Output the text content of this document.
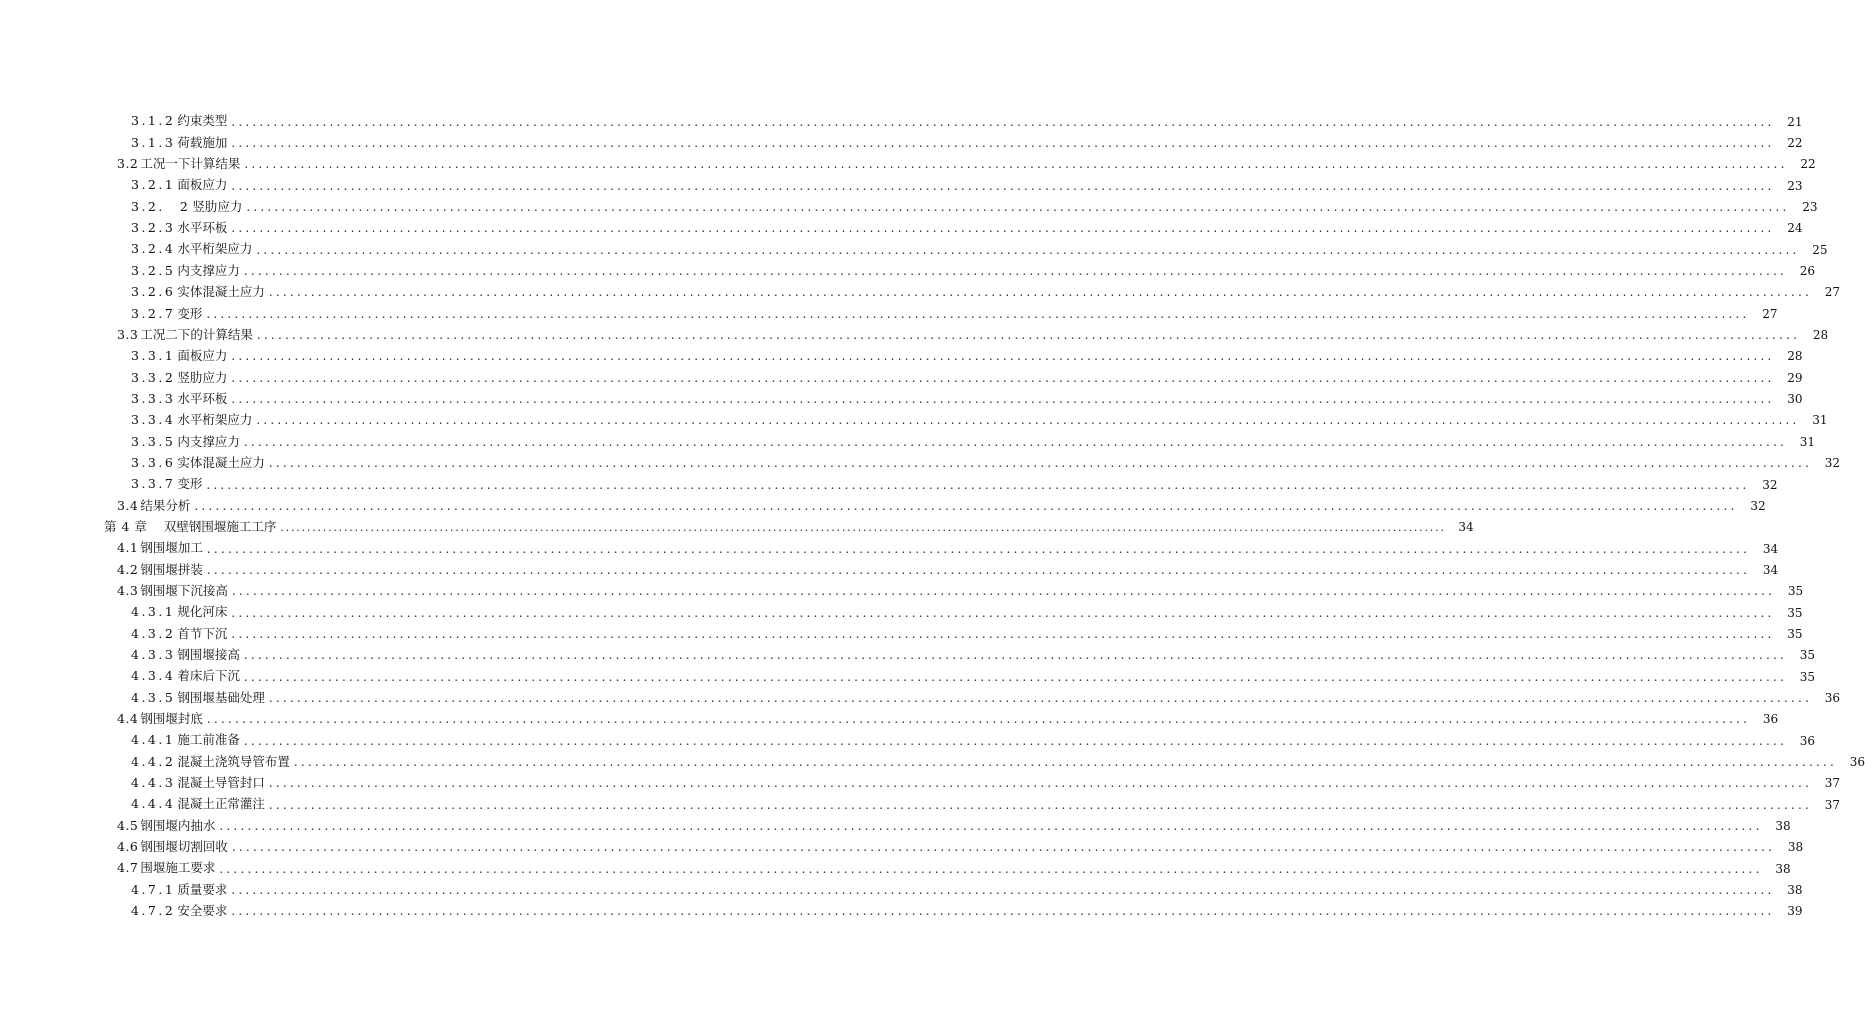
3.1.2 约束类型 ............................................................................................................................................................................................................................	21
3.1.3 荷载施加 ............................................................................................................................................................................................................................	22
3.2 工况一下计算结果 ............................................................................................................................................................................................................................	22
3.2.1 面板应力 ............................................................................................................................................................................................................................	23
3.2.　2 竖肋应力 ............................................................................................................................................................................................................................	23
3.2.3 水平环板 ............................................................................................................................................................................................................................	24
3.2.4 水平桁架应力 ............................................................................................................................................................................................................................	25
3.2.5 内支撑应力 ............................................................................................................................................................................................................................	26
3.2.6 实体混凝土应力 ............................................................................................................................................................................................................................	27
3.2.7 变形 ............................................................................................................................................................................................................................	27
3.3 工况二下的计算结果 ............................................................................................................................................................................................................................	28
3.3.1 面板应力 ............................................................................................................................................................................................................................	28
3.3.2 竖肋应力 ............................................................................................................................................................................................................................	29
3.3.3 水平环板 ............................................................................................................................................................................................................................	30
3.3.4 水平桁架应力 ............................................................................................................................................................................................................................	31
3.3.5 内支撑应力 ............................................................................................................................................................................................................................	31
3.3.6 实体混凝土应力 ............................................................................................................................................................................................................................	32
3.3.7 变形 ............................................................................................................................................................................................................................	32
3.4 结果分析 ............................................................................................................................................................................................................................	32
第 4 章　双壁钢围堰施工工序 ............................................................................................................................................................................................................................	34
4.1 钢围堰加工 ............................................................................................................................................................................................................................	34
4.2 钢围堰拼装 ............................................................................................................................................................................................................................	34
4.3 钢围堰下沉接高 ............................................................................................................................................................................................................................	35
4.3.1 规化河床 ............................................................................................................................................................................................................................	35
4.3.2 首节下沉 ............................................................................................................................................................................................................................	35
4.3.3 钢围堰接高 ............................................................................................................................................................................................................................	35
4.3.4 着床后下沉 ............................................................................................................................................................................................................................	35
4.3.5 钢围堰基础处理 ............................................................................................................................................................................................................................	36
4.4 钢围堰封底 ............................................................................................................................................................................................................................	36
4.4.1 施工前准备 ............................................................................................................................................................................................................................	36
4.4.2 混凝土浇筑导管布置 ............................................................................................................................................................................................................................	36
4.4.3 混凝土导管封口 ............................................................................................................................................................................................................................	37
4.4.4 混凝土正常灌注 ............................................................................................................................................................................................................................	37
4.5 钢围堰内抽水 ............................................................................................................................................................................................................................	38
4.6 钢围堰切割回收 ............................................................................................................................................................................................................................	38
4.7 围堰施工要求 ............................................................................................................................................................................................................................	38
4.7.1 质量要求 ............................................................................................................................................................................................................................	38
4.7.2 安全要求 ............................................................................................................................................................................................................................	39
